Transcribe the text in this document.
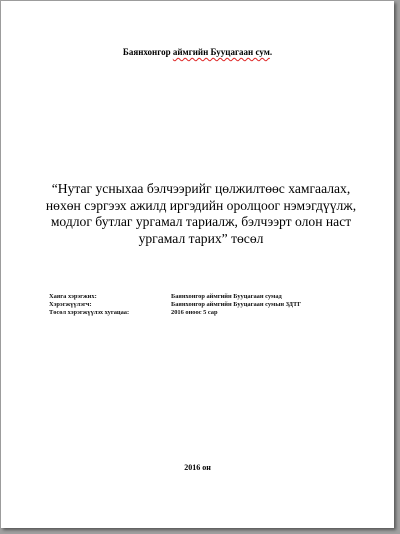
Баянхонгор аймгийн Бууцагаан сум.
“Нутаг усныхаа бэлчээрийг цөлжилтөөс хамгаалах, нөхөн сэргээх ажилд иргэдийн оролцоог нэмэгдүүлж, модлог бутлаг ургамал тариалж, бэлчээрт олон наст ургамал тарих” төсөл
Хаяга хэрэгжих:	Баянхонгор аймгийн Бууцагаан сумад
Хэрэгжүүлэгч:	Баянхонгор аймгийн Бууцагаан сумын ЗДТГ
Төсөл хэрэгжүүлэх хугацаа:	2016 оноос 5 сар
2016 он
